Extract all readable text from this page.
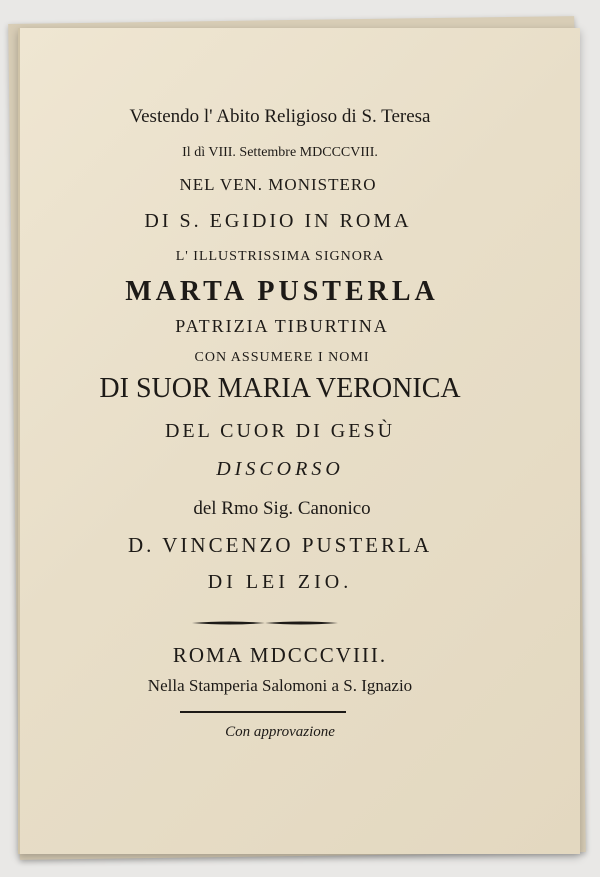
Vestendo l' Abito Religioso di S. Teresa
Il dì VIII. Settembre MDCCCVIII.
NEL VEN. MONISTERO
DI S. EGIDIO IN ROMA
L' ILLUSTRISSIMA SIGNORA
MARTA PUSTERLA
PATRIZIA TIBURTINA
CON ASSUMERE I NOMI
DI SUOR MARIA VERONICA
DEL CUOR DI GESÙ
DISCORSO
del Rmo Sig. Canonico
D. VINCENZO PUSTERLA
DI LEI ZIO.
ROMA MDCCCVIII.
Nella Stamperia Salomoni a S. Ignazio
Con approvazione
